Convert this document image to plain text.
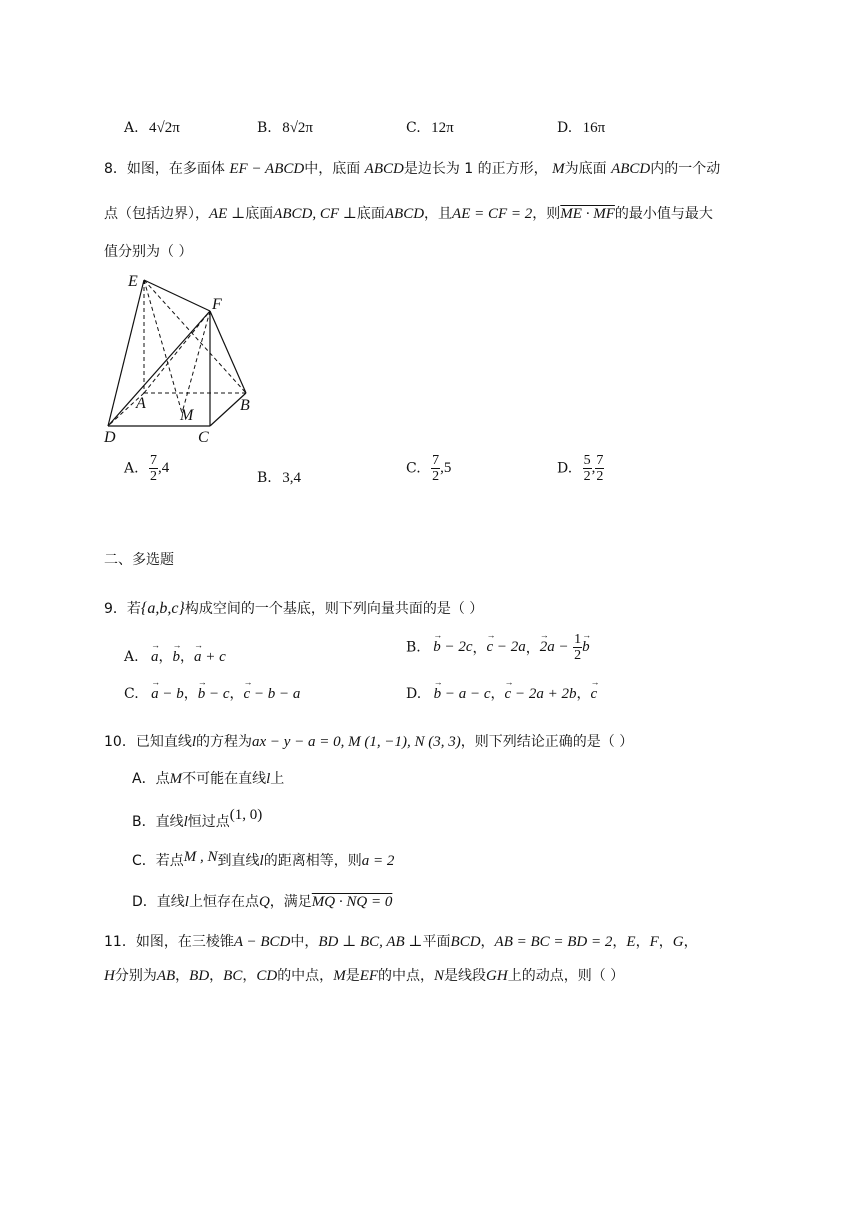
A. 4√2π	B. 8√2π	C. 12π	D. 16π
8．如图，在多面体 EF − ABCD中，底面 ABCD是边长为 1 的正方形， M为底面 ABCD内的一个动
点（包括边界），AE ⊥底面ABCD, CF ⊥底面ABCD，且AE = CF = 2，则ME · MF的最小值与最大
值分别为（ ）
E
F
A
M
B
D	C
A. $\frac{7}{2} ,4$
B. 3,4
C. $\frac{7}{2} ,5$	D. $\frac{5}{2}$ , $\frac{7}{2}$
二、多选题
9．若{a,b,c}构成空间的一个基底，则下列向量共面的是（ ）
A. → a，→ b，→ a + c
B. → b − 2c，→ c − 2a，→ $2a - \frac{1}{2} \to b$
C. → a − b，→ b − c，→ c − b − a	D. → b − a − c，→ c − 2a + 2b，→ c
10．已知直线l的方程为ax − y − a = 0, M (1, −1), N (3, 3)，则下列结论正确的是（ ）
A．点M不可能在直线l上
B．直线l恒过点(1, 0)
C．若点M , N到直线l的距离相等，则a = 2
D．直线l上恒存在点Q，满足MQ · NQ = 0
11．如图，在三棱锥A − BCD中，BD ⊥ BC, AB ⊥平面BCD，AB = BC = BD = 2，E，F，G，
H分别为AB，BD，BC，CD的中点，M是EF的中点，N是线段GH上的动点，则（ ）
